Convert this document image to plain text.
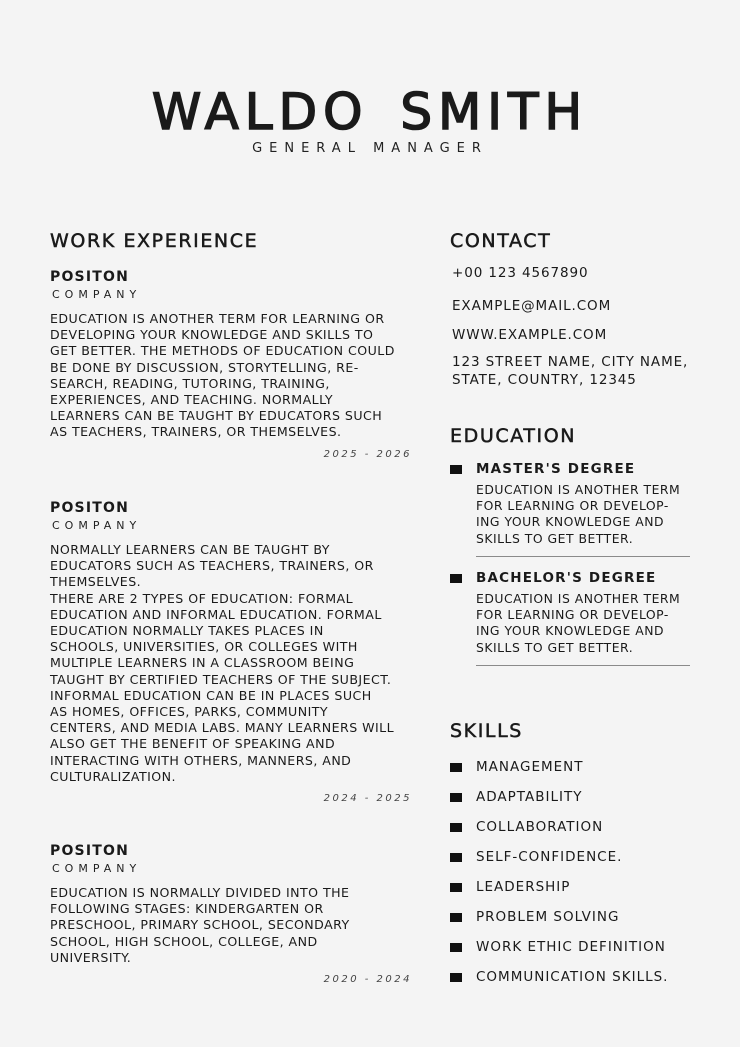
WALDO SMITH

GENERAL MANAGER

WORK EXPERIENCE

POSITON

COMPANY

EDUCATION IS ANOTHER TERM FOR LEARNING OR
DEVELOPING YOUR KNOWLEDGE AND SKILLS TO
GET BETTER. THE METHODS OF EDUCATION COULD
BE DONE BY DISCUSSION, STORYTELLING, RE-
SEARCH, READING, TUTORING, TRAINING,
EXPERIENCES, AND TEACHING. NORMALLY
LEARNERS CAN BE TAUGHT BY EDUCATORS SUCH
AS TEACHERS, TRAINERS, OR THEMSELVES.

2025 - 2026

POSITON

COMPANY

NORMALLY LEARNERS CAN BE TAUGHT BY
EDUCATORS SUCH AS TEACHERS, TRAINERS, OR
THEMSELVES.
THERE ARE 2 TYPES OF EDUCATION: FORMAL
EDUCATION AND INFORMAL EDUCATION. FORMAL
EDUCATION NORMALLY TAKES PLACES IN
SCHOOLS, UNIVERSITIES, OR COLLEGES WITH
MULTIPLE LEARNERS IN A CLASSROOM BEING
TAUGHT BY CERTIFIED TEACHERS OF THE SUBJECT.
INFORMAL EDUCATION CAN BE IN PLACES SUCH
AS HOMES, OFFICES, PARKS, COMMUNITY
CENTERS, AND MEDIA LABS. MANY LEARNERS WILL
ALSO GET THE BENEFIT OF SPEAKING AND
INTERACTING WITH OTHERS, MANNERS, AND
CULTURALIZATION.

2024 - 2025

POSITON

COMPANY

EDUCATION IS NORMALLY DIVIDED INTO THE
FOLLOWING STAGES: KINDERGARTEN OR
PRESCHOOL, PRIMARY SCHOOL, SECONDARY
SCHOOL, HIGH SCHOOL, COLLEGE, AND
UNIVERSITY.

2020 - 2024
CONTACT
+00 123 4567890
EXAMPLE@MAIL.COM
WWW.EXAMPLE.COM
123 STREET NAME, CITY NAME,
STATE, COUNTRY, 12345
EDUCATION

MASTER'S DEGREE

EDUCATION IS ANOTHER TERM
FOR LEARNING OR DEVELOP-
ING YOUR KNOWLEDGE AND
SKILLS TO GET BETTER.

BACHELOR'S DEGREE

EDUCATION IS ANOTHER TERM
FOR LEARNING OR DEVELOP-
ING YOUR KNOWLEDGE AND
SKILLS TO GET BETTER.

SKILLS
MANAGEMENT
ADAPTABILITY
COLLABORATION
SELF-CONFIDENCE.
LEADERSHIP
PROBLEM SOLVING
WORK ETHIC DEFINITION
COMMUNICATION SKILLS.
